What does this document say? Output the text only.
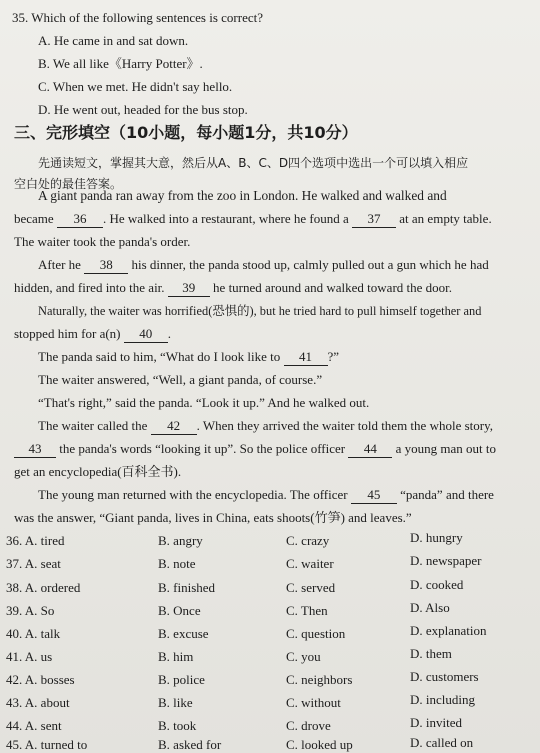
35. Which of the following sentences is correct?
A. He came in and sat down.
B. We all like《Harry Potter》.
C. When we met. He didn't say hello.
D. He went out, headed for the bus stop.
三、完形填空（10小题，每小题1分，共10分）
先通读短文，掌握其大意，然后从A、B、C、D四个选项中选出一个可以填入相应
空白处的最佳答案。
A giant panda ran away from the zoo in London. He walked and walked and
became 36 . He walked into a restaurant, where he found a 37 at an empty table.
The waiter took the panda's order.
After he 38 his dinner, the panda stood up, calmly pulled out a gun which he had
hidden, and fired into the air. 39 he turned around and walked toward the door.
Naturally, the waiter was horrified(恐惧的), but he tried hard to pull himself together and
stopped him for a(n) 40 .
The panda said to him, “What do I look like to 41 ?”
The waiter answered, “Well, a giant panda, of course.”
“That's right,” said the panda. “Look it up.” And he walked out.
The waiter called the 42 . When they arrived the waiter told them the whole story,
43 the panda's words “looking it up”. So the police officer 44 a young man out to
get an encyclopedia(百科全书).
The young man returned with the encyclopedia. The officer 45 “panda” and there
was the answer, “Giant panda, lives in China, eats shoots(竹笋) and leaves.”
36. A. tired	B. angry	C. crazy	D. hungry
37. A. seat	B. note	C. waiter	D. newspaper
38. A. ordered	B. finished	C. served	D. cooked
39. A. So	B. Once	C. Then	D. Also
40. A. talk	B. excuse	C. question	D. explanation
41. A. us	B. him	C. you	D. them
42. A. bosses	B. police	C. neighbors	D. customers
43. A. about	B. like	C. without	D. including
44. A. sent	B. took	C. drove	D. invited
45. A. turned to	B. asked for	C. looked up	D. called on
